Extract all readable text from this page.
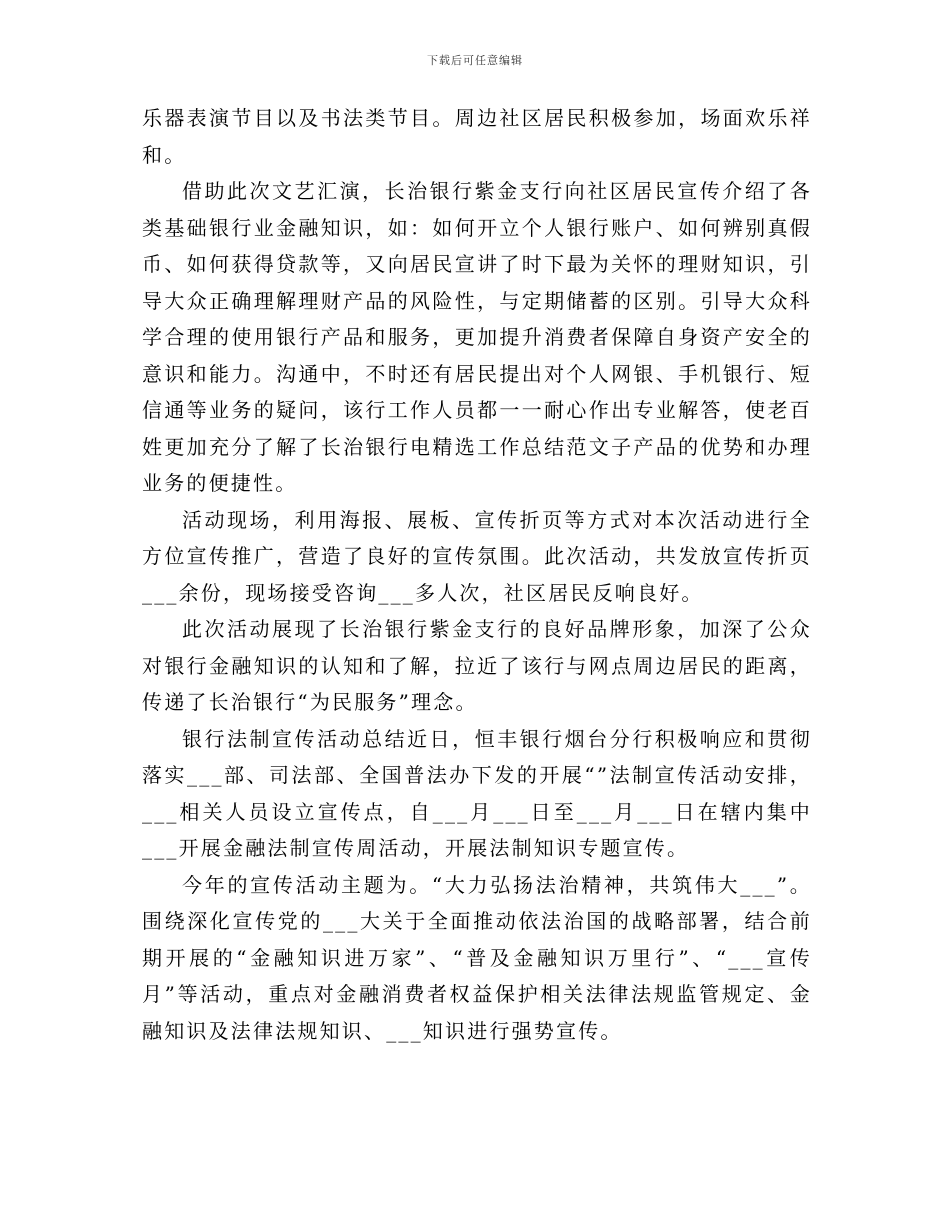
下载后可任意编辑

乐器表演节目以及书法类节目。周边社区居民积极参加，场面欢乐祥和。

借助此次文艺汇演，长治银行紫金支行向社区居民宣传介绍了各类基础银行业金融知识，如：如何开立个人银行账户、如何辨别真假币、如何获得贷款等，又向居民宣讲了时下最为关怀的理财知识，引导大众正确理解理财产品的风险性，与定期储蓄的区别。引导大众科学合理的使用银行产品和服务，更加提升消费者保障自身资产安全的意识和能力。沟通中，不时还有居民提出对个人网银、手机银行、短信通等业务的疑问，该行工作人员都一一耐心作出专业解答，使老百姓更加充分了解了长治银行电精选工作总结范文子产品的优势和办理业务的便捷性。

活动现场，利用海报、展板、宣传折页等方式对本次活动进行全方位宣传推广，营造了良好的宣传氛围。此次活动，共发放宣传折页___余份，现场接受咨询___多人次，社区居民反响良好。

此次活动展现了长治银行紫金支行的良好品牌形象，加深了公众对银行金融知识的认知和了解，拉近了该行与网点周边居民的距离，传递了长治银行“为民服务”理念。

银行法制宣传活动总结近日，恒丰银行烟台分行积极响应和贯彻落实___部、司法部、全国普法办下发的开展“”法制宣传活动安排，___相关人员设立宣传点，自___月___日至___月___日在辖内集中___开展金融法制宣传周活动，开展法制知识专题宣传。

今年的宣传活动主题为。“大力弘扬法治精神，共筑伟大___”。围绕深化宣传党的___大关于全面推动依法治国的战略部署，结合前期开展的“金融知识进万家”、“普及金融知识万里行”、“___宣传月”等活动，重点对金融消费者权益保护相关法律法规监管规定、金融知识及法律法规知识、___知识进行强势宣传。
